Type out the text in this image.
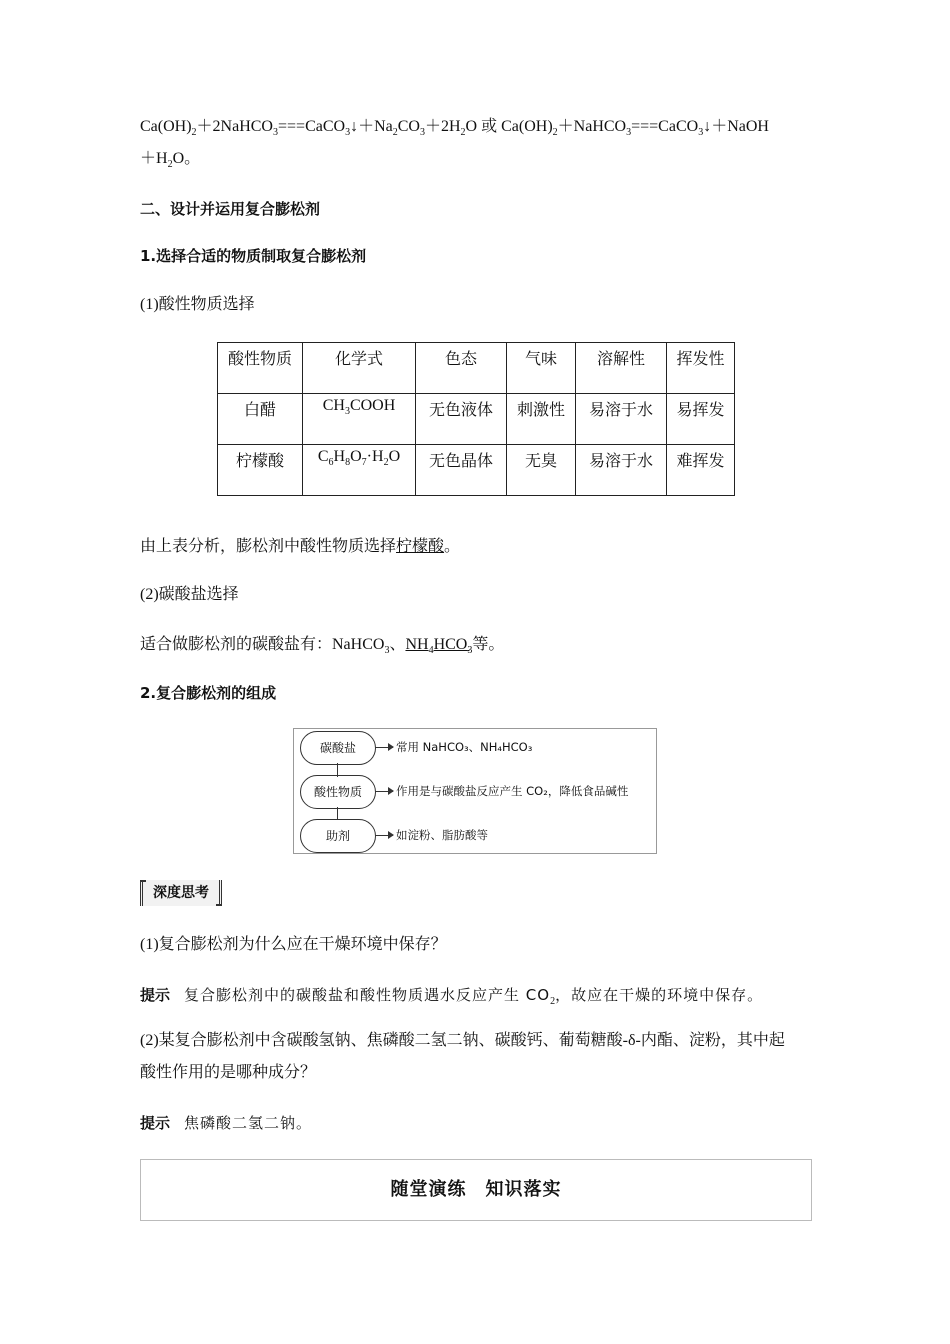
$Ca(OH)_2+2NaHCO_3===CaCO_3↓+Na_2CO_3+2H_2O$ 或 $Ca(OH)_2+NaHCO_3===CaCO_3↓+NaOH$
$+H_2O$。
二、设计并运用复合膨松剂
1.选择合适的物质制取复合膨松剂
(1)酸性物质选择
酸性物质	化学式	色态	气味	溶解性	挥发性
白醋	$CH_3COOH$	无色液体	刺激性	易溶于水	易挥发
柠檬酸	$C_6H_8O_7\cdot H_2O$	无色晶体	无臭	易溶于水	难挥发
由上表分析，膨松剂中酸性物质选择柠檬酸。
(2)碳酸盐选择
适合做膨松剂的碳酸盐有：NaHCO$_3$、$NH_4HCO_3$等。
2.复合膨松剂的组成
碳酸盐	常用 NaHCO₃、NH₄HCO₃
酸性物质	作用是与碳酸盐反应产生 CO₂，降低食品碱性
助剂	如淀粉、脂肪酸等
深度思考
(1)复合膨松剂为什么应在干燥环境中保存？
提示 复合膨松剂中的碳酸盐和酸性物质遇水反应产生 $CO_2$，故应在干燥的环境中保存。
(2)某复合膨松剂中含碳酸氢钠、焦磷酸二氢二钠、碳酸钙、葡萄糖酸-δ-内酯、淀粉，其中起
酸性作用的是哪种成分？
提示 焦磷酸二氢二钠。
随堂演练　知识落实
